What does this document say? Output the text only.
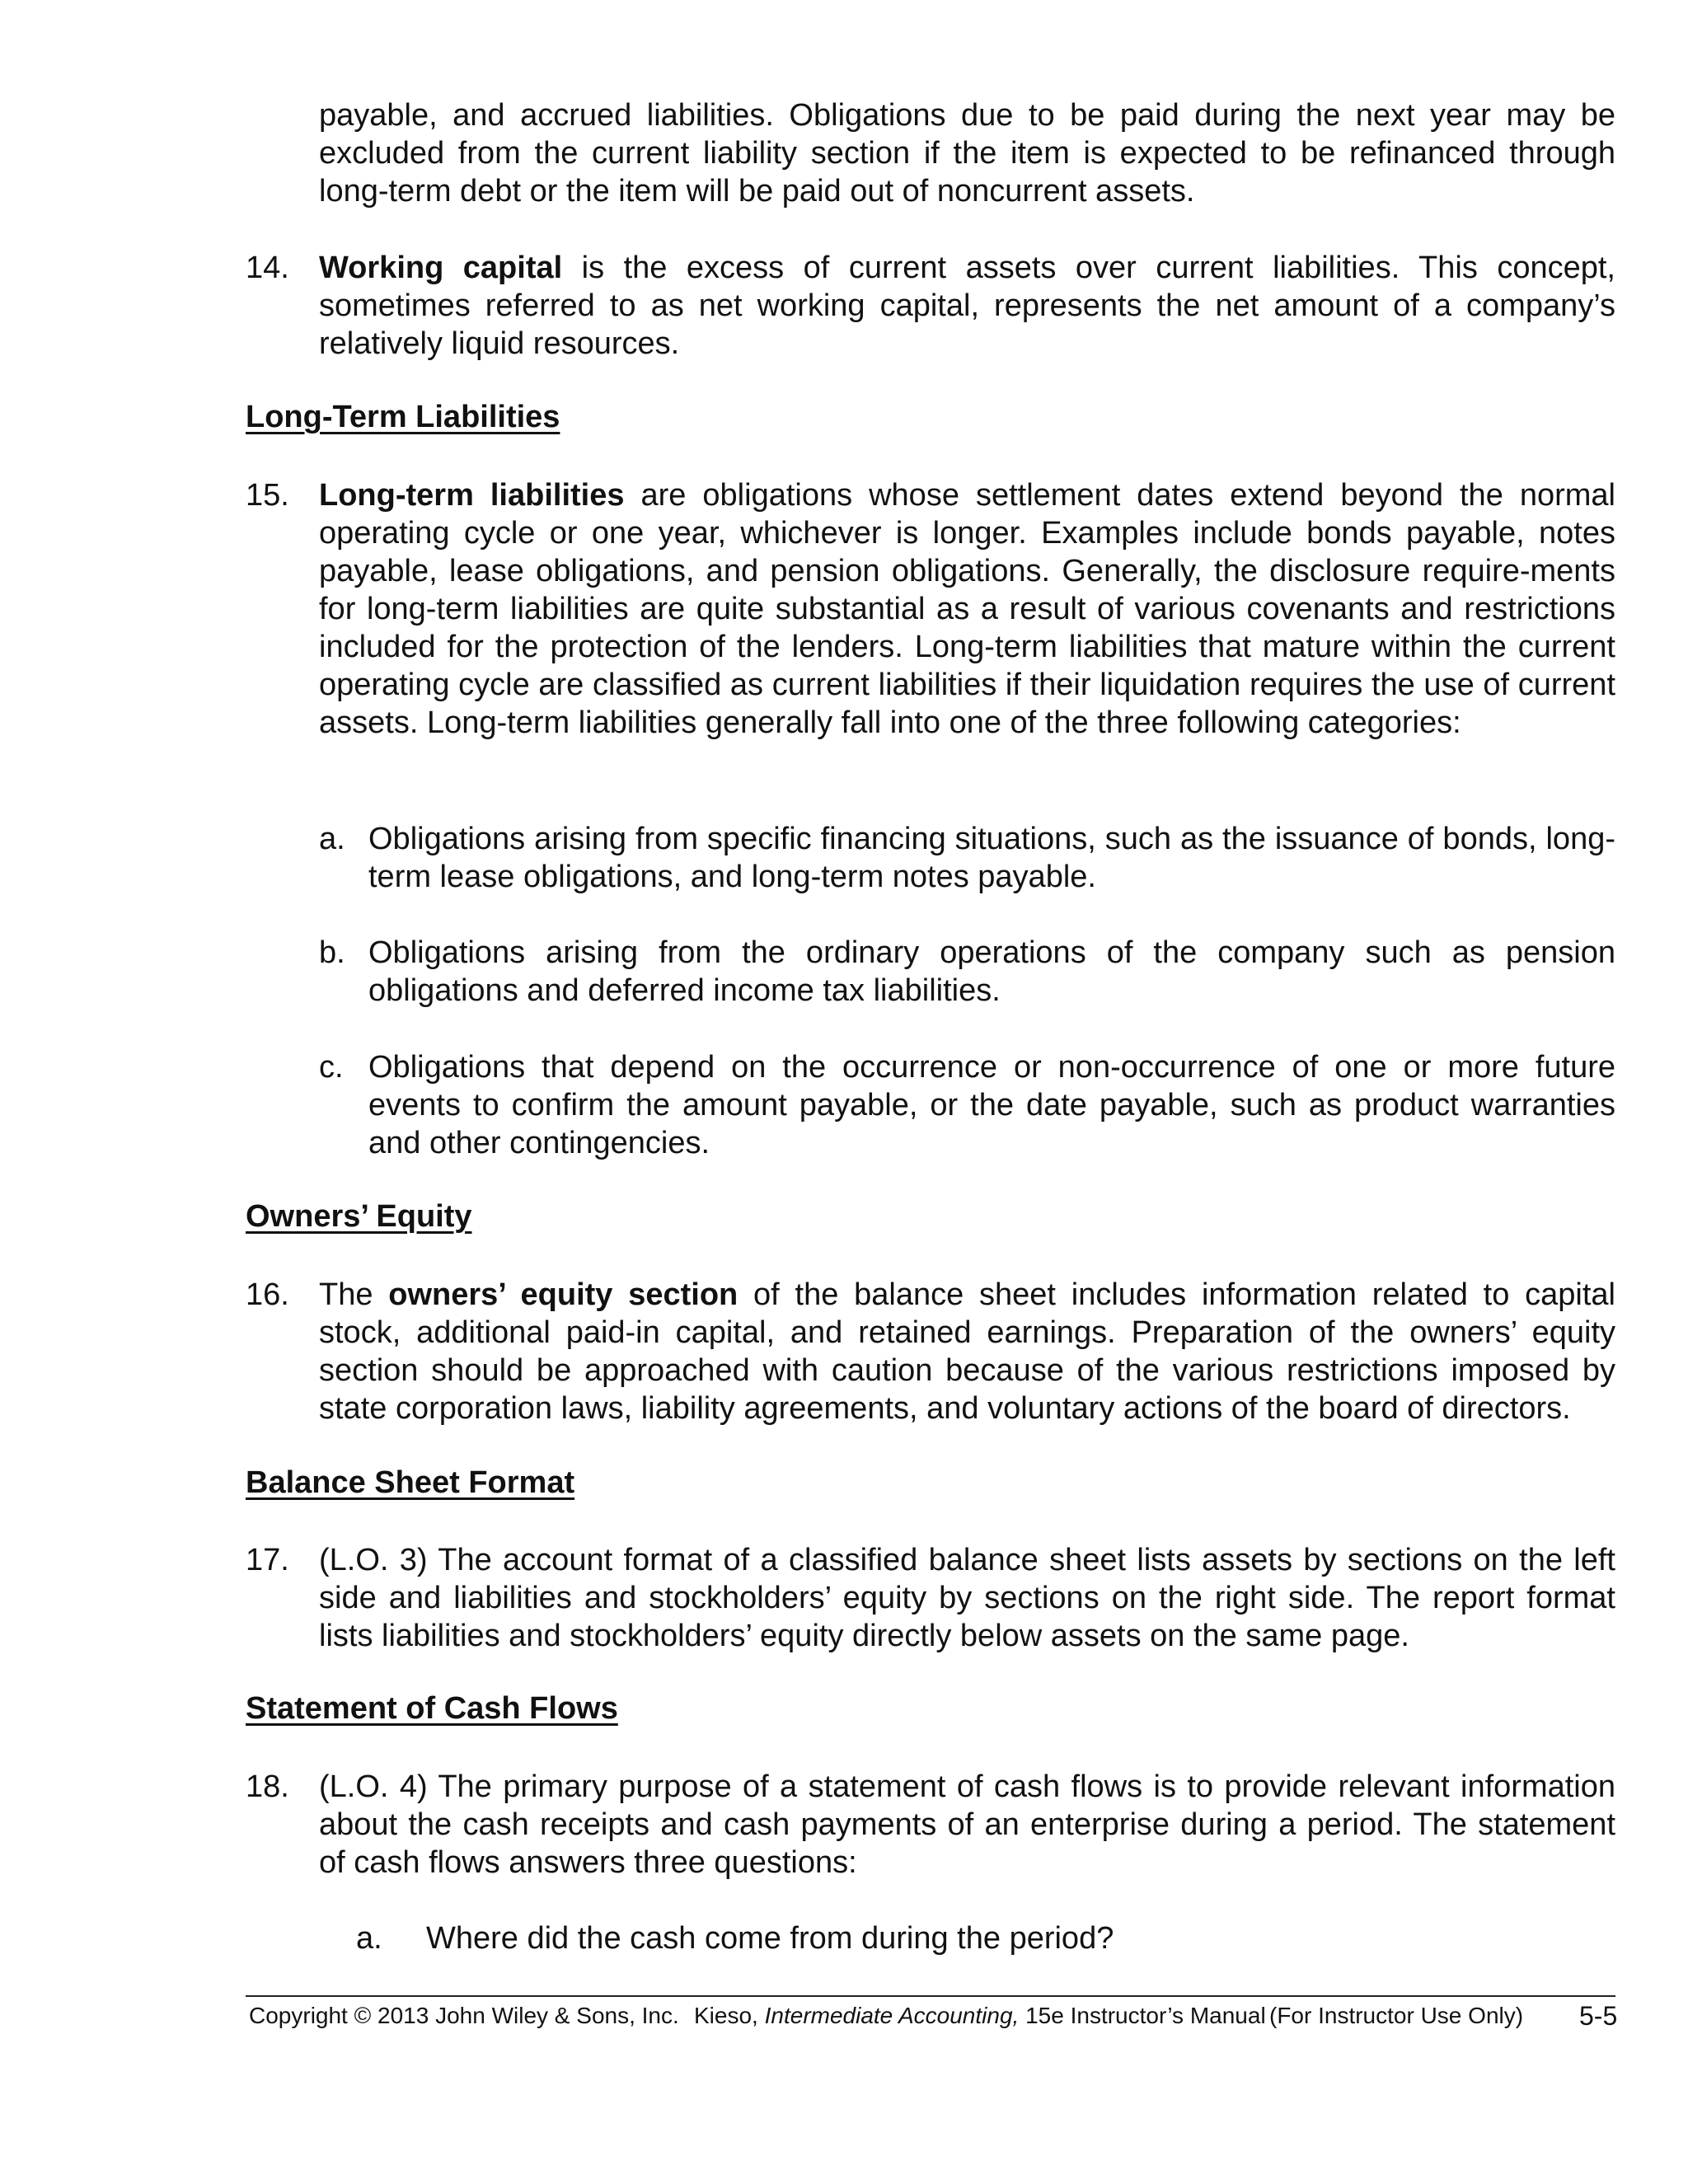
payable, and accrued liabilities. Obligations due to be paid during the next year may be excluded from the current liability section if the item is expected to be refinanced through long-term debt or the item will be paid out of noncurrent assets.

14. Working capital is the excess of current assets over current liabilities. This concept, sometimes referred to as net working capital, represents the net amount of a company’s relatively liquid resources.

Long-Term Liabilities
15. Long-term liabilities are obligations whose settlement dates extend beyond the normal operating cycle or one year, whichever is longer. Examples include bonds payable, notes payable, lease obligations, and pension obligations. Generally, the disclosure require-ments for long-term liabilities are quite substantial as a result of various covenants and restrictions included for the protection of the lenders. Long-term liabilities that mature within the current operating cycle are classified as current liabilities if their liquidation requires the use of current assets. Long-term liabilities generally fall into one of the three following categories:

a. Obligations arising from specific financing situations, such as the issuance of bonds, long-term lease obligations, and long-term notes payable.

b. Obligations arising from the ordinary operations of the company such as pension obligations and deferred income tax liabilities.

c. Obligations that depend on the occurrence or non-occurrence of one or more future events to confirm the amount payable, or the date payable, such as product warranties and other contingencies.

Owners’ Equity
16. The owners’ equity section of the balance sheet includes information related to capital stock, additional paid-in capital, and retained earnings. Preparation of the owners’ equity section should be approached with caution because of the various restrictions imposed by state corporation laws, liability agreements, and voluntary actions of the board of directors.

Balance Sheet Format
17. (L.O. 3) The account format of a classified balance sheet lists assets by sections on the left side and liabilities and stockholders’ equity by sections on the right side. The report format lists liabilities and stockholders’ equity directly below assets on the same page.

Statement of Cash Flows
18. (L.O. 4) The primary purpose of a statement of cash flows is to provide relevant information about the cash receipts and cash payments of an enterprise during a period. The statement of cash flows answers three questions:

a. Where did the cash come from during the period?

Copyright © 2013 John Wiley & Sons, Inc. Kieso, Intermediate Accounting, 15e Instructor’s Manual (For Instructor Use Only) 5-5
